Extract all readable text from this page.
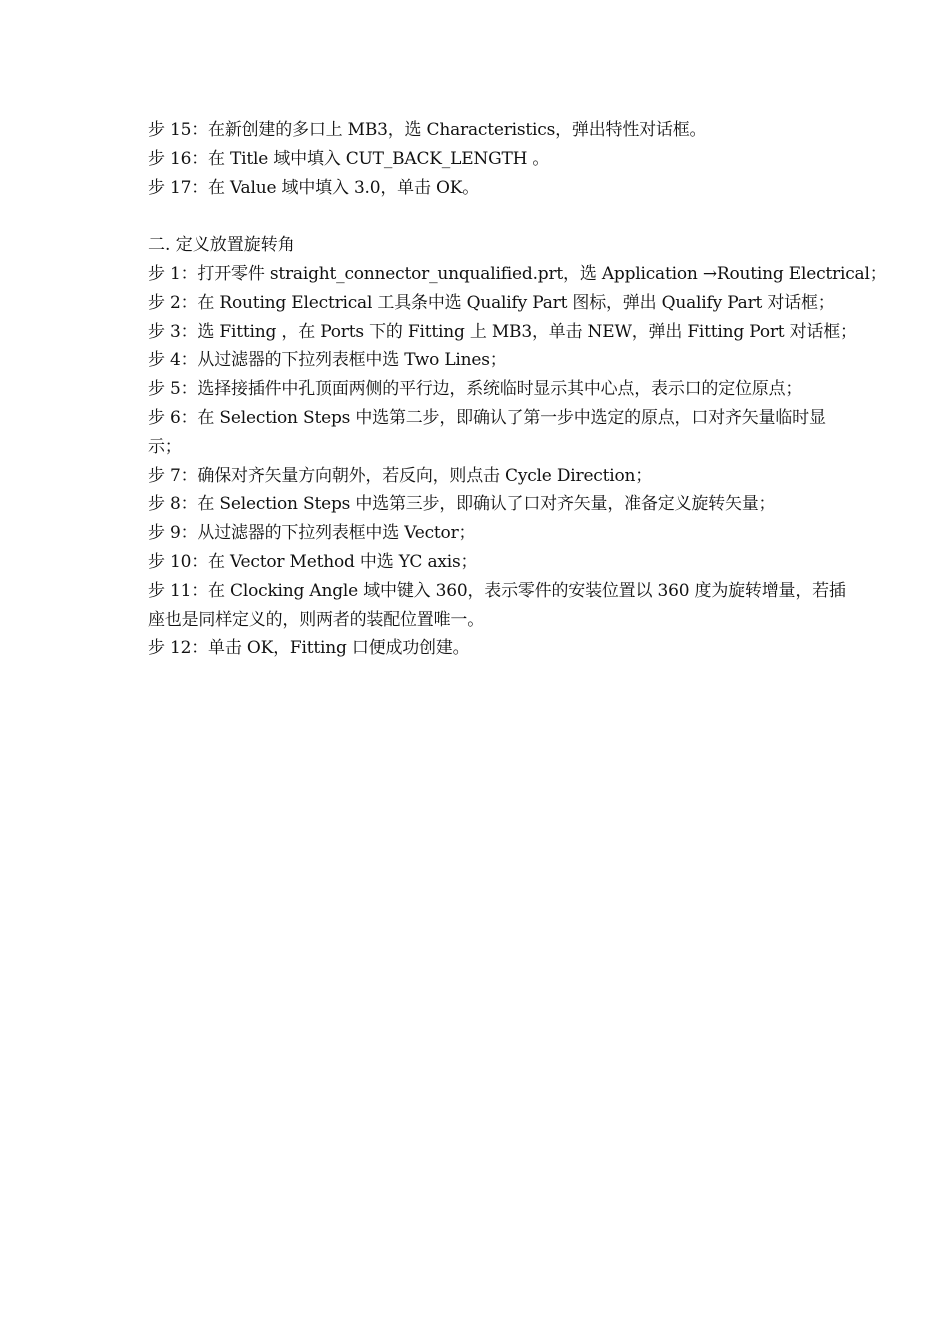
步 15：在新创建的多口上 MB3，选 Characteristics，弹出特性对话框。
步 16：在 Title 域中填入 CUT_BACK_LENGTH 。
步 17：在 Value 域中填入 3.0，单击 OK。
二. 定义放置旋转角
步 1：打开零件 straight_connector_unqualified.prt，选 Application →Routing Electrical；
步 2：在 Routing Electrical 工具条中选 Qualify Part 图标，弹出 Qualify Part 对话框；
步 3：选 Fitting ，在 Ports 下的 Fitting 上 MB3，单击 NEW，弹出 Fitting Port 对话框；
步 4：从过滤器的下拉列表框中选 Two Lines；
步 5：选择接插件中孔顶面两侧的平行边，系统临时显示其中心点，表示口的定位原点；
步 6：在 Selection Steps 中选第二步，即确认了第一步中选定的原点，口对齐矢量临时显示；
步 7：确保对齐矢量方向朝外，若反向，则点击 Cycle Direction；
步 8：在 Selection Steps 中选第三步，即确认了口对齐矢量，准备定义旋转矢量；
步 9：从过滤器的下拉列表框中选 Vector；
步 10：在 Vector Method 中选 YC axis；
步 11：在 Clocking Angle 域中键入 360，表示零件的安装位置以 360 度为旋转增量，若插座也是同样定义的，则两者的装配位置唯一。
步 12：单击 OK，Fitting 口便成功创建。
